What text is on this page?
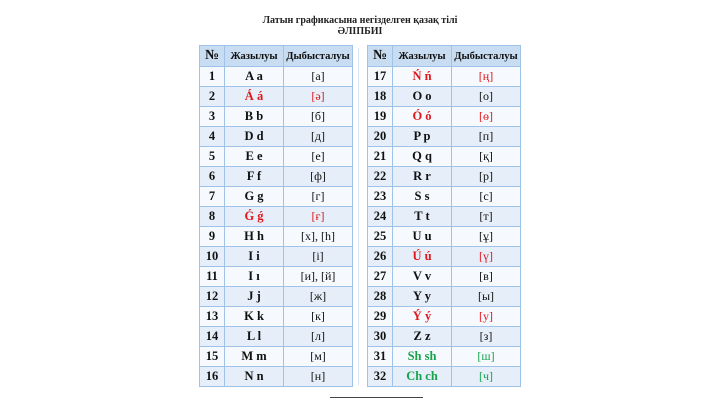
Латын графикасына негізделген қазақ тілі
ӘЛІПБИІ
№	Жазылуы	Дыбысталуы
1	A a	[а]
2	Á á	[ә]
3	B b	[б]
4	D d	[д]
5	E e	[е]
6	F f	[ф]
7	G g	[г]
8	Ǵ ǵ	[ғ]
9	H h	[х], [h]
10	I i	[і]
11	I ı	[и], [й]
12	J j	[ж]
13	K k	[к]
14	L l	[л]
15	M m	[м]
16	N n	[н]
№	Жазылуы	Дыбысталуы
17	Ń ń	[ң]
18	O o	[о]
19	Ó ó	[ө]
20	P p	[п]
21	Q q	[қ]
22	R r	[р]
23	S s	[с]
24	T t	[т]
25	U u	[ұ]
26	Ú ú	[ү]
27	V v	[в]
28	Y y	[ы]
29	Ý ý	[у]
30	Z z	[з]
31	Sh sh	[ш]
32	Ch ch	[ч]
